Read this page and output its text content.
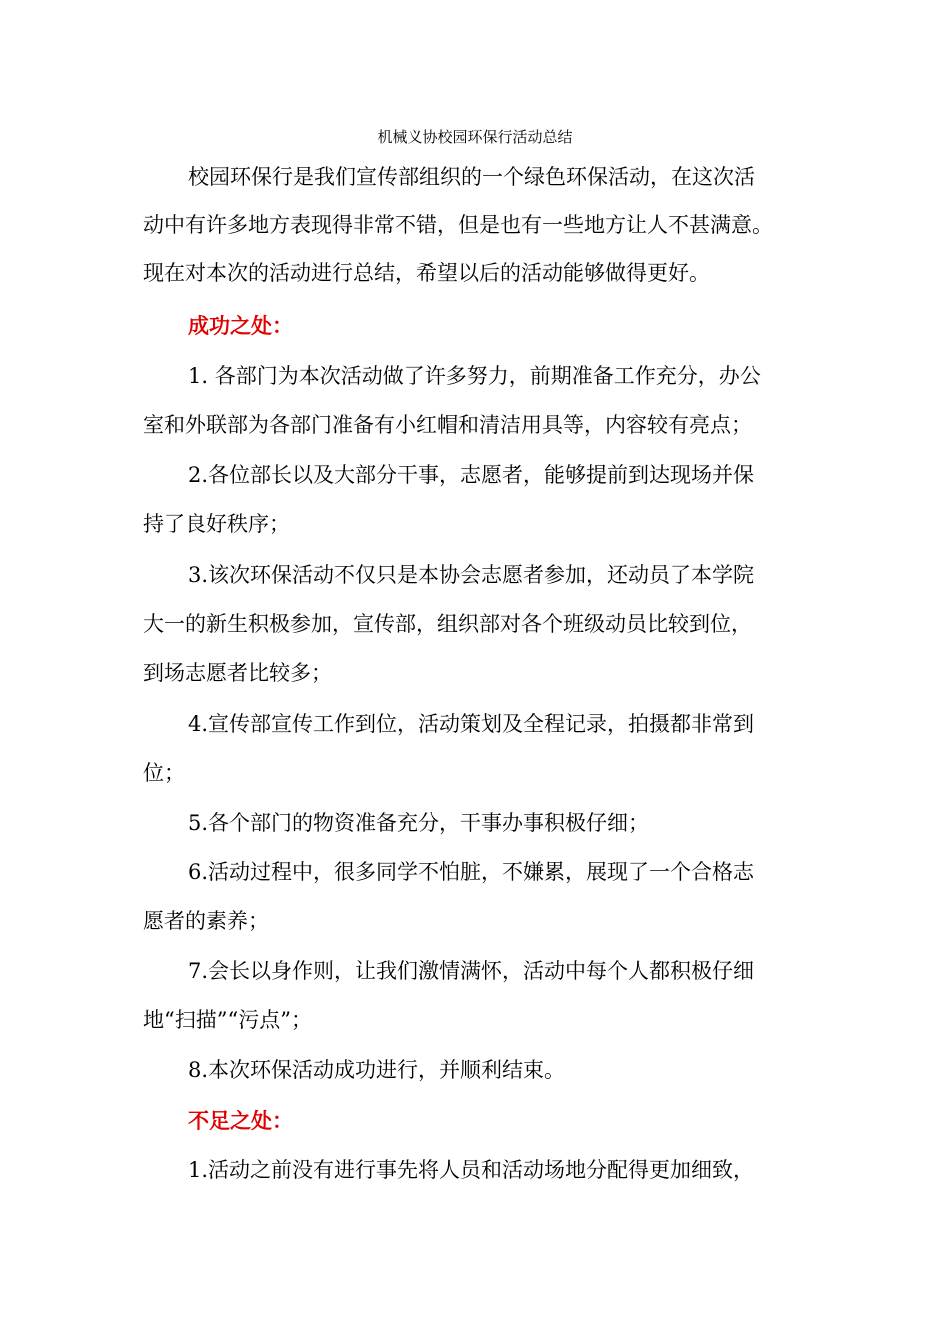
机械义协校园环保行活动总结
校园环保行是我们宣传部组织的一个绿色环保活动，在这次活
动中有许多地方表现得非常不错，但是也有一些地方让人不甚满意。
现在对本次的活动进行总结，希望以后的活动能够做得更好。
成功之处：
1. 各部门为本次活动做了许多努力，前期准备工作充分，办公
室和外联部为各部门准备有小红帽和清洁用具等，内容较有亮点；
2.各位部长以及大部分干事，志愿者，能够提前到达现场并保
持了良好秩序；
3.该次环保活动不仅只是本协会志愿者参加，还动员了本学院
大一的新生积极参加，宣传部，组织部对各个班级动员比较到位，
到场志愿者比较多；
4.宣传部宣传工作到位，活动策划及全程记录，拍摄都非常到
位；
5.各个部门的物资准备充分，干事办事积极仔细；
6.活动过程中，很多同学不怕脏，不嫌累，展现了一个合格志
愿者的素养；
7.会长以身作则，让我们激情满怀，活动中每个人都积极仔细
地“扫描”“污点”；
8.本次环保活动成功进行，并顺利结束。
不足之处：
1.活动之前没有进行事先将人员和活动场地分配得更加细致，
